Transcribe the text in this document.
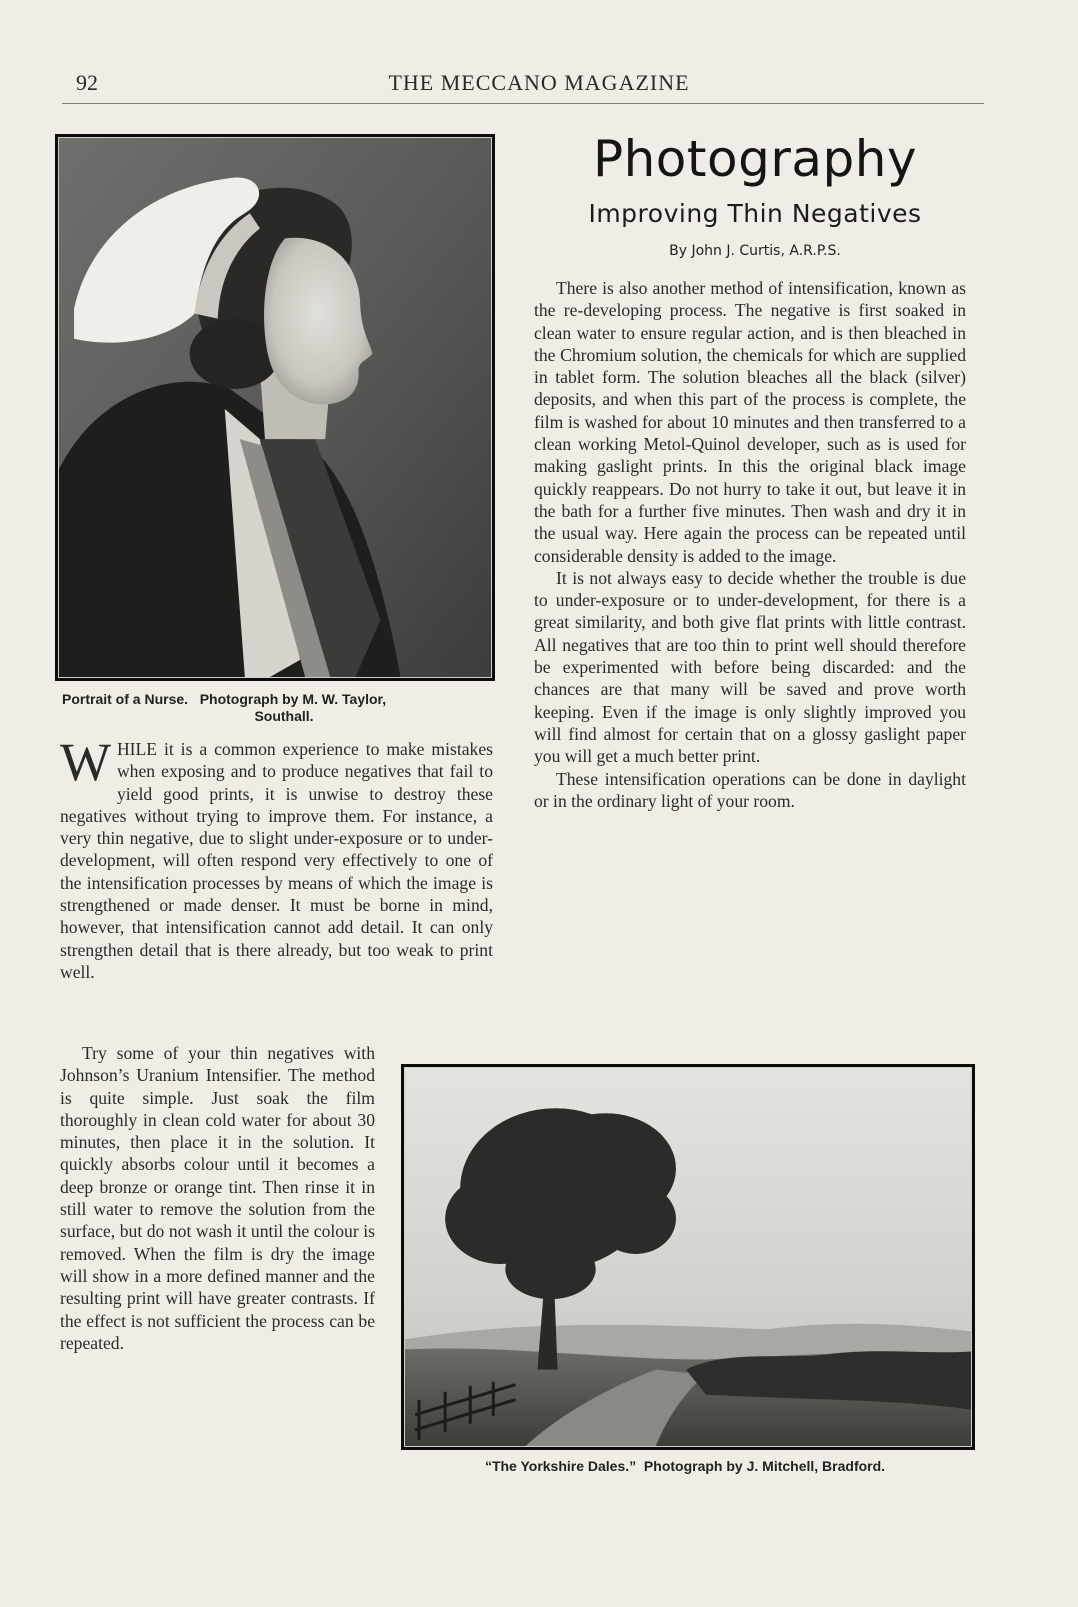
92	THE MECCANO MAGAZINE
Portrait of a Nurse.   Photograph by M. W. Taylor,
Southall.
Photography
Improving Thin Negatives
By John J. Curtis, A.R.P.S.

WHILE it is a common experience to make mistakes when exposing and to produce negatives that fail to yield good prints, it is unwise to destroy these negatives without trying to improve them. For instance, a very thin negative, due to slight under-exposure or to under-development, will often respond very effectively to one of the intensification processes by means of which the image is strengthened or made denser. It must be borne in mind, however, that intensification cannot add detail. It can only strengthen detail that is there already, but too weak to print well.

Try some of your thin negatives with Johnson’s Uranium Intensifier. The method is quite simple. Just soak the film thoroughly in clean cold water for about 30 minutes, then place it in the solution. It quickly absorbs colour until it becomes a deep bronze or orange tint. Then rinse it in still water to remove the solution from the surface, but do not wash it until the colour is removed. When the film is dry the image will show in a more defined manner and the resulting print will have greater contrasts. If the effect is not sufficient the process can be repeated.

There is also another method of intensification, known as the re-developing process. The negative is first soaked in clean water to ensure regular action, and is then bleached in the Chromium solution, the chemicals for which are supplied in tablet form. The solution bleaches all the black (silver) deposits, and when this part of the process is complete, the film is washed for about 10 minutes and then transferred to a clean working Metol-Quinol developer, such as is used for making gaslight prints. In this the original black image quickly reappears. Do not hurry to take it out, but leave it in the bath for a further five minutes. Then wash and dry it in the usual way. Here again the process can be repeated until considerable density is added to the image.

It is not always easy to decide whether the trouble is due to under-exposure or to under-development, for there is a great similarity, and both give flat prints with little contrast. All negatives that are too thin to print well should therefore be experimented with before being discarded: and the chances are that many will be saved and prove worth keeping. Even if the image is only slightly improved you will find almost for certain that on a glossy gaslight paper you will get a much better print.

These intensification operations can be done in daylight or in the ordinary light of your room.

“The Yorkshire Dales.”  Photograph by J. Mitchell, Bradford.
